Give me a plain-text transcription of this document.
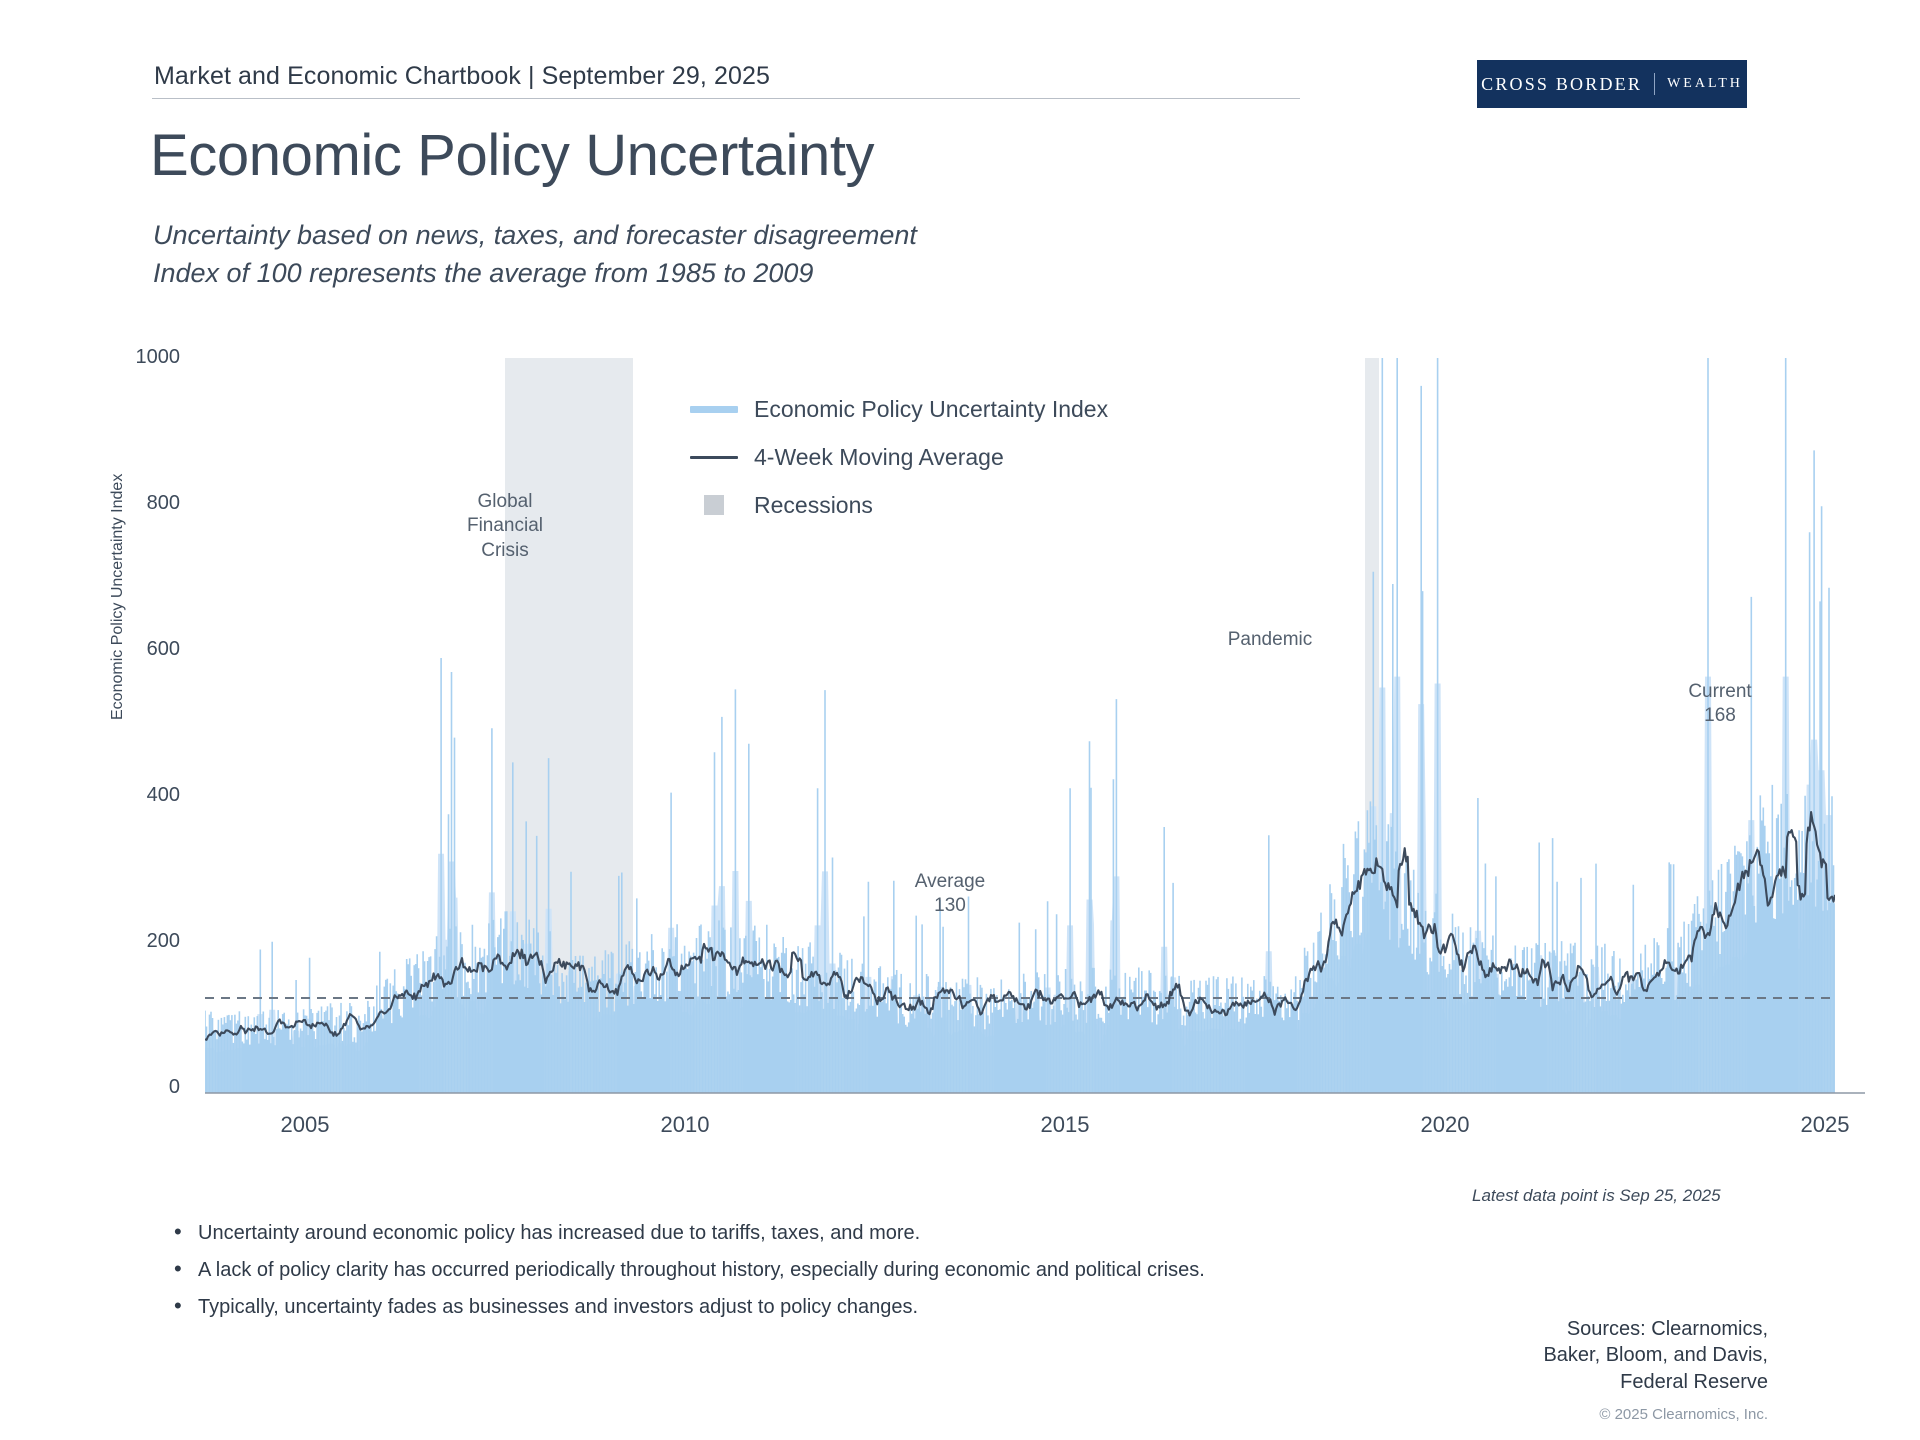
Market and Economic Chartbook | September 29, 2025	CROSS BORDER WEALTH
Economic Policy Uncertainty
Uncertainty based on news, taxes, and forecaster disagreement
Index of 100 represents the average from 1985 to 2009
Economic Policy Uncertainty Index
1000
800
600
400
200
0
2005	2010	2015	2020	2025
Economic Policy Uncertainty Index
4-Week Moving Average
Recessions
Global
Financial
Crisis
Pandemic
Average
130
Current
168
Latest data point is Sep 25, 2025
• Uncertainty around economic policy has increased due to tariffs, taxes, and more.
• A lack of policy clarity has occurred periodically throughout history, especially during economic and political crises.
• Typically, uncertainty fades as businesses and investors adjust to policy changes.
Sources: Clearnomics,
Baker, Bloom, and Davis,
Federal Reserve
© 2025 Clearnomics, Inc.
